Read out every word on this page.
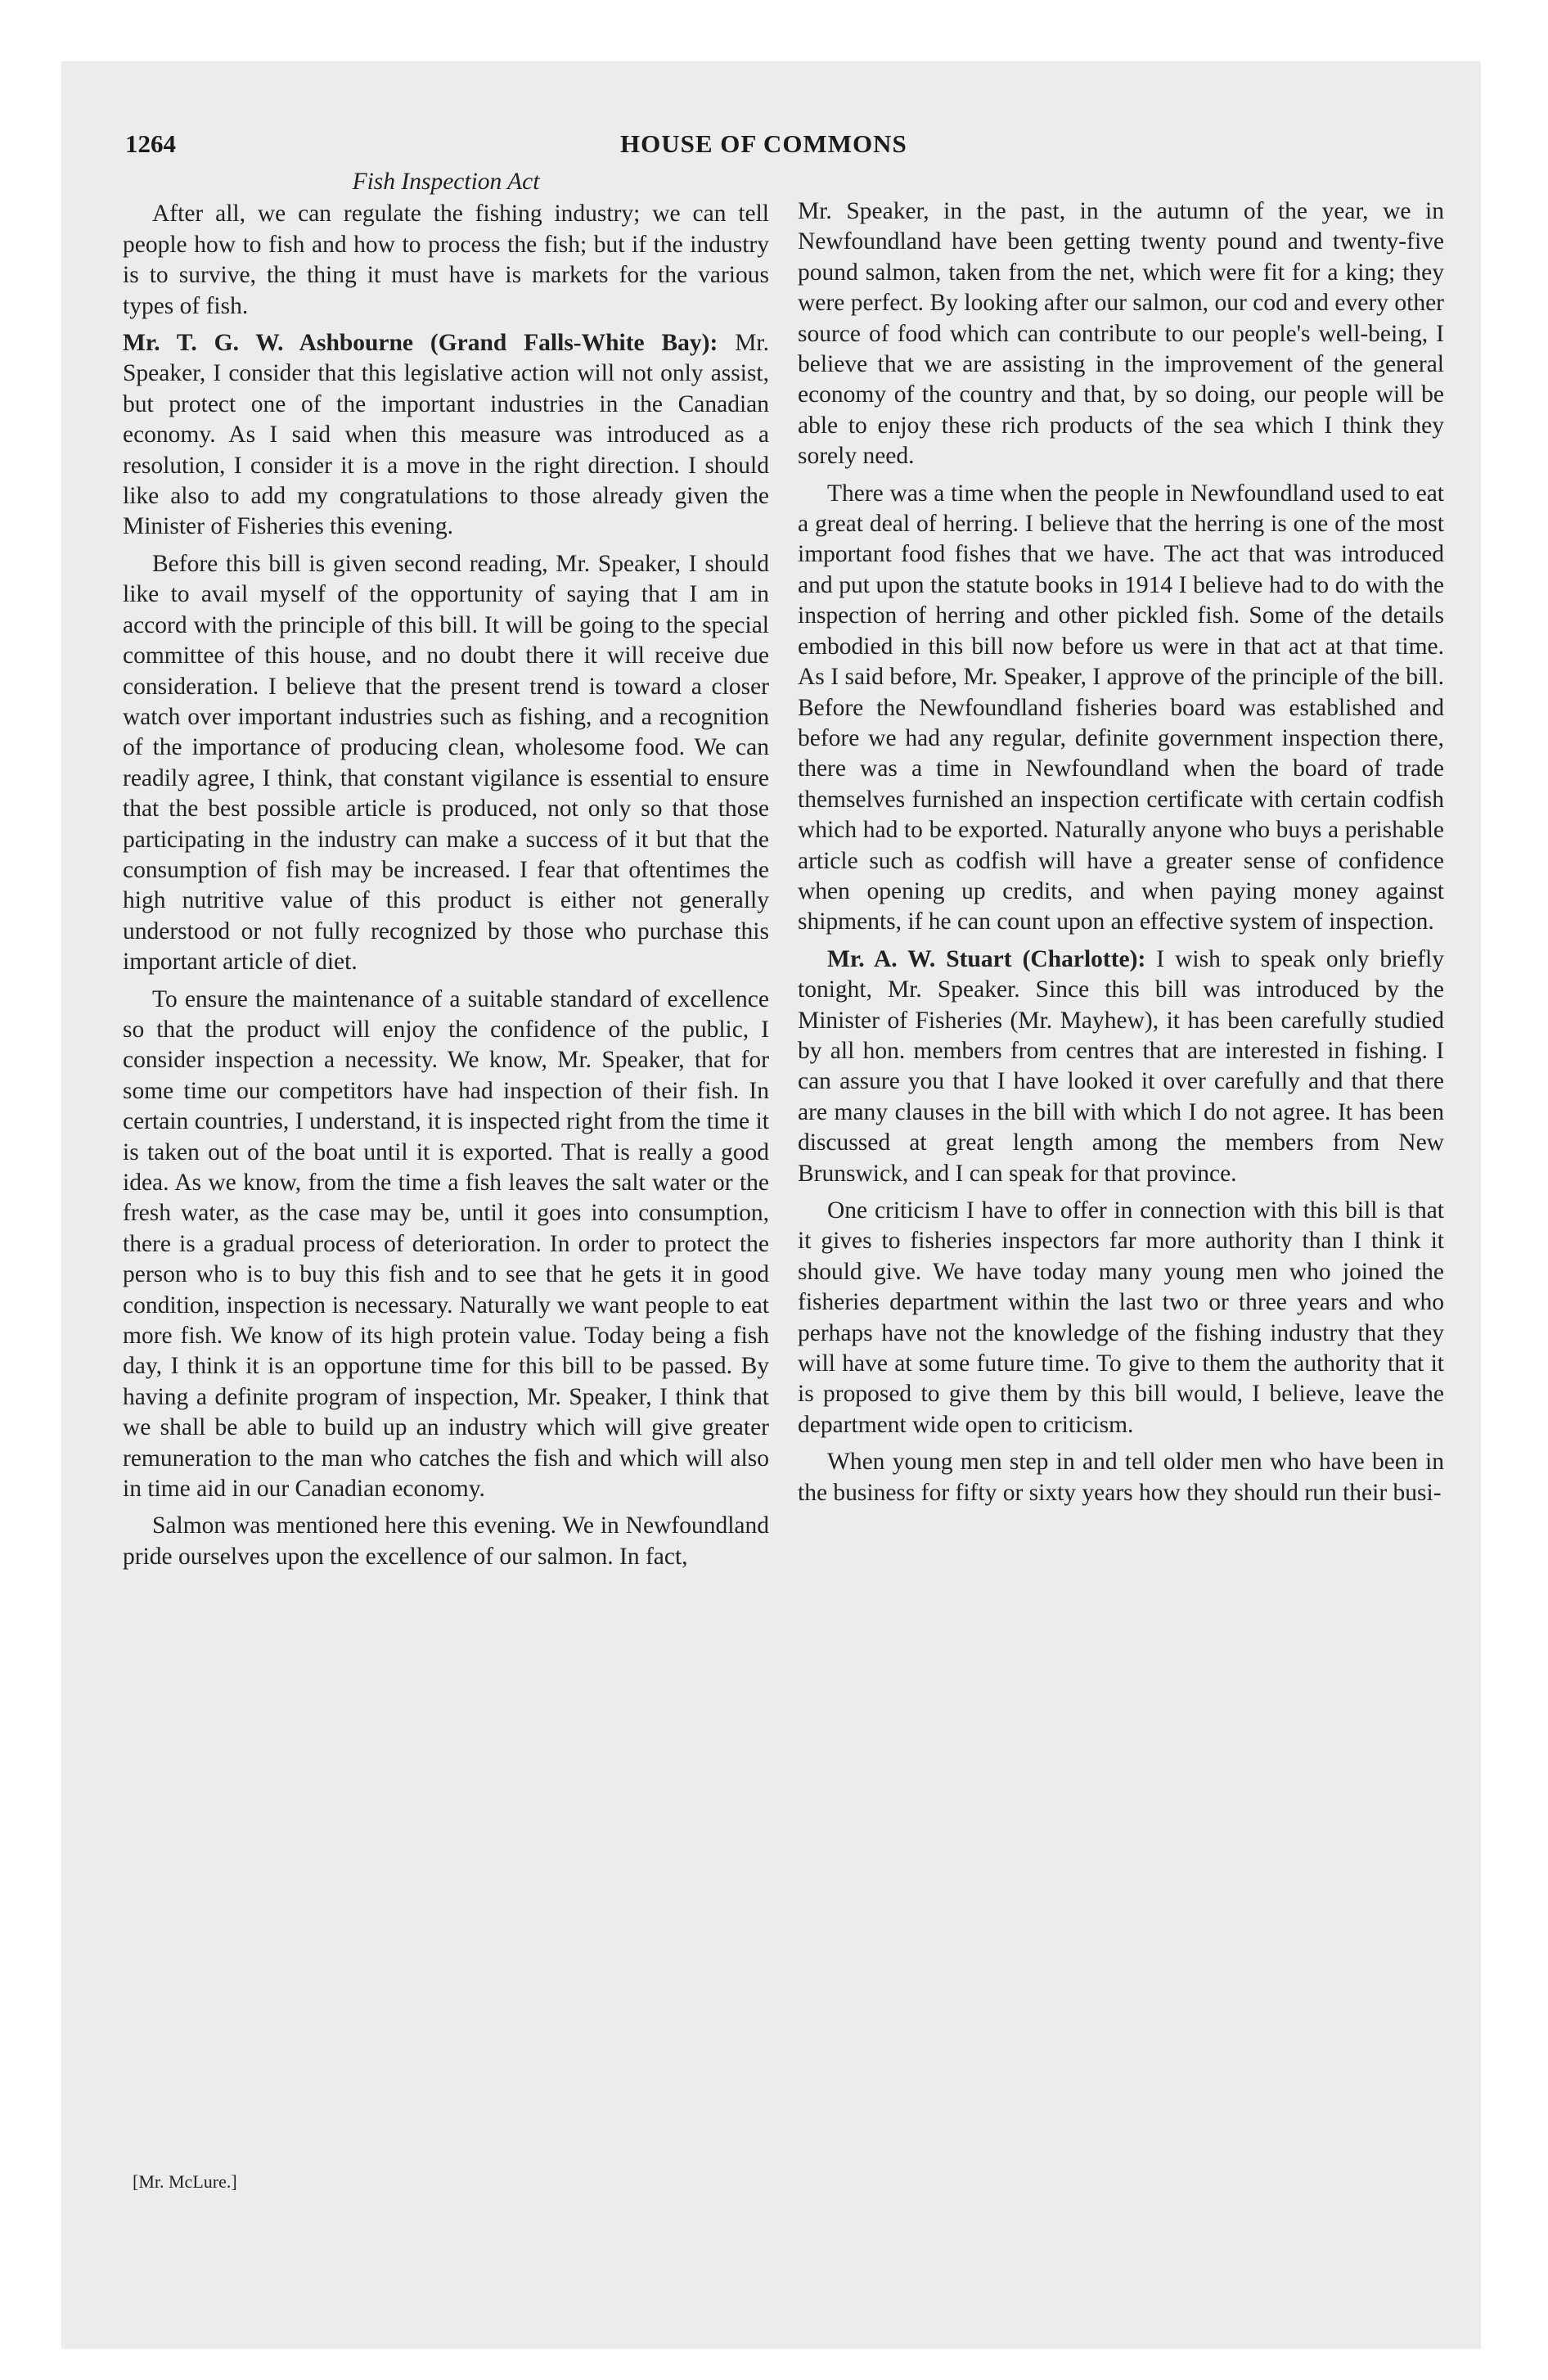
1264	HOUSE OF COMMONS
Fish Inspection Act

After all, we can regulate the fishing industry; we can tell people how to fish and how to process the fish; but if the industry is to survive, the thing it must have is markets for the various types of fish.

Mr. T. G. W. Ashbourne (Grand Falls-White Bay): Mr. Speaker, I consider that this legislative action will not only assist, but protect one of the important industries in the Canadian economy. As I said when this measure was introduced as a resolution, I consider it is a move in the right direction. I should like also to add my congratulations to those already given the Minister of Fisheries this evening.

Before this bill is given second reading, Mr. Speaker, I should like to avail myself of the opportunity of saying that I am in accord with the principle of this bill. It will be going to the special committee of this house, and no doubt there it will receive due consideration. I believe that the present trend is toward a closer watch over important industries such as fishing, and a recognition of the importance of producing clean, wholesome food. We can readily agree, I think, that constant vigilance is essential to ensure that the best possible article is produced, not only so that those participating in the industry can make a success of it but that the consumption of fish may be increased. I fear that oftentimes the high nutritive value of this product is either not generally understood or not fully recognized by those who purchase this important article of diet.

To ensure the maintenance of a suitable standard of excellence so that the product will enjoy the confidence of the public, I consider inspection a necessity. We know, Mr. Speaker, that for some time our competitors have had inspection of their fish. In certain countries, I understand, it is inspected right from the time it is taken out of the boat until it is exported. That is really a good idea. As we know, from the time a fish leaves the salt water or the fresh water, as the case may be, until it goes into consumption, there is a gradual process of deterioration. In order to protect the person who is to buy this fish and to see that he gets it in good condition, inspection is necessary. Naturally we want people to eat more fish. We know of its high protein value. Today being a fish day, I think it is an opportune time for this bill to be passed. By having a definite program of inspection, Mr. Speaker, I think that we shall be able to build up an industry which will give greater remuneration to the man who catches the fish and which will also in time aid in our Canadian economy.

Salmon was mentioned here this evening. We in Newfoundland pride ourselves upon the excellence of our salmon. In fact,

Mr. Speaker, in the past, in the autumn of the year, we in Newfoundland have been getting twenty pound and twenty-five pound salmon, taken from the net, which were fit for a king; they were perfect. By looking after our salmon, our cod and every other source of food which can contribute to our people's well-being, I believe that we are assisting in the improvement of the general economy of the country and that, by so doing, our people will be able to enjoy these rich products of the sea which I think they sorely need.

There was a time when the people in Newfoundland used to eat a great deal of herring. I believe that the herring is one of the most important food fishes that we have. The act that was introduced and put upon the statute books in 1914 I believe had to do with the inspection of herring and other pickled fish. Some of the details embodied in this bill now before us were in that act at that time. As I said before, Mr. Speaker, I approve of the principle of the bill. Before the Newfoundland fisheries board was established and before we had any regular, definite government inspection there, there was a time in Newfoundland when the board of trade themselves furnished an inspection certificate with certain codfish which had to be exported. Naturally anyone who buys a perishable article such as codfish will have a greater sense of confidence when opening up credits, and when paying money against shipments, if he can count upon an effective system of inspection.

Mr. A. W. Stuart (Charlotte): I wish to speak only briefly tonight, Mr. Speaker. Since this bill was introduced by the Minister of Fisheries (Mr. Mayhew), it has been carefully studied by all hon. members from centres that are interested in fishing. I can assure you that I have looked it over carefully and that there are many clauses in the bill with which I do not agree. It has been discussed at great length among the members from New Brunswick, and I can speak for that province.

One criticism I have to offer in connection with this bill is that it gives to fisheries inspectors far more authority than I think it should give. We have today many young men who joined the fisheries department within the last two or three years and who perhaps have not the knowledge of the fishing industry that they will have at some future time. To give to them the authority that it is proposed to give them by this bill would, I believe, leave the department wide open to criticism.

When young men step in and tell older men who have been in the business for fifty or sixty years how they should run their busi-

[Mr. McLure.]
